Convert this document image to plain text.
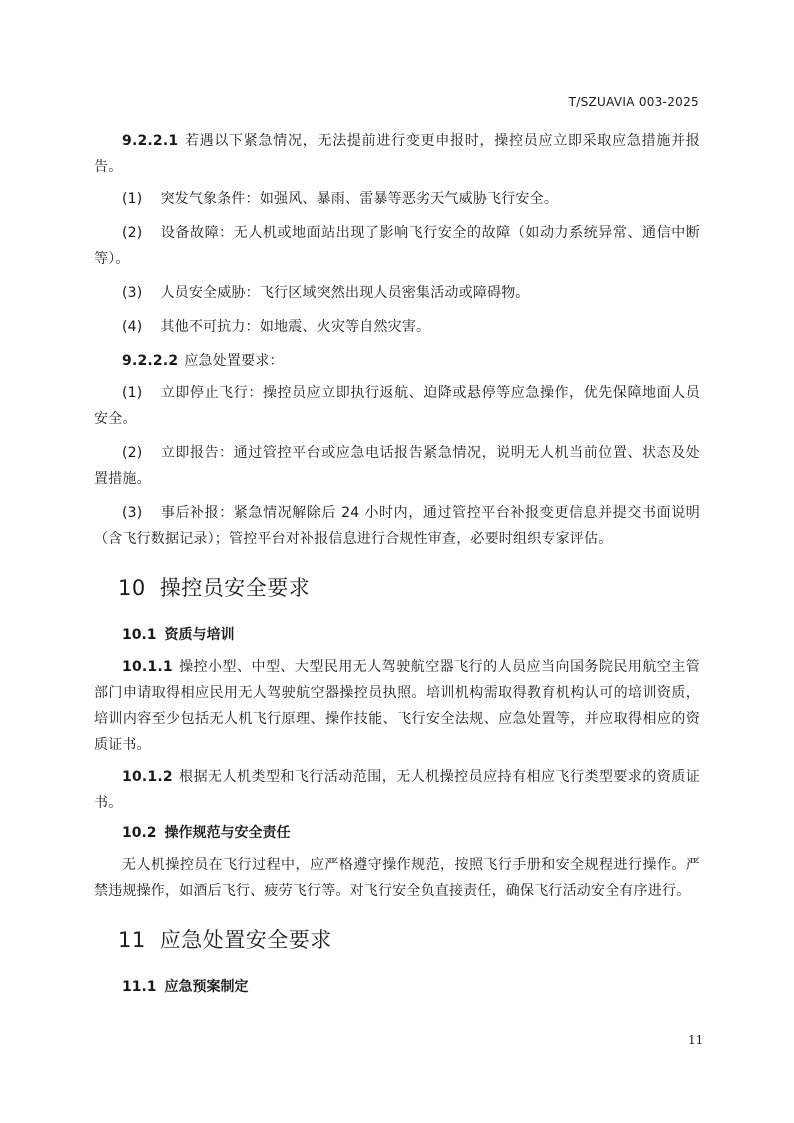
T/SZUAVIA 003-2025

9.2.2.1 若遇以下紧急情况，无法提前进行变更申报时，操控员应立即采取应急措施并报告。

(1) 突发气象条件：如强风、暴雨、雷暴等恶劣天气威胁飞行安全。

(2) 设备故障：无人机或地面站出现了影响飞行安全的故障（如动力系统异常、通信中断等）。

(3) 人员安全威胁：飞行区域突然出现人员密集活动或障碍物。

(4) 其他不可抗力：如地震、火灾等自然灾害。

9.2.2.2 应急处置要求：

(1) 立即停止飞行：操控员应立即执行返航、迫降或悬停等应急操作，优先保障地面人员安全。

(2) 立即报告：通过管控平台或应急电话报告紧急情况，说明无人机当前位置、状态及处置措施。

(3) 事后补报：紧急情况解除后 24 小时内，通过管控平台补报变更信息并提交书面说明（含飞行数据记录）；管控平台对补报信息进行合规性审查，必要时组织专家评估。

10 操控员安全要求
10.1 资质与培训

10.1.1 操控小型、中型、大型民用无人驾驶航空器飞行的人员应当向国务院民用航空主管部门申请取得相应民用无人驾驶航空器操控员执照。培训机构需取得教育机构认可的培训资质，培训内容至少包括无人机飞行原理、操作技能、飞行安全法规、应急处置等，并应取得相应的资质证书。

10.1.2 根据无人机类型和飞行活动范围，无人机操控员应持有相应飞行类型要求的资质证书。

10.2 操作规范与安全责任

无人机操控员在飞行过程中，应严格遵守操作规范，按照飞行手册和安全规程进行操作。严禁违规操作，如酒后飞行、疲劳飞行等。对飞行安全负直接责任，确保飞行活动安全有序进行。

11 应急处置安全要求
11.1 应急预案制定
11
